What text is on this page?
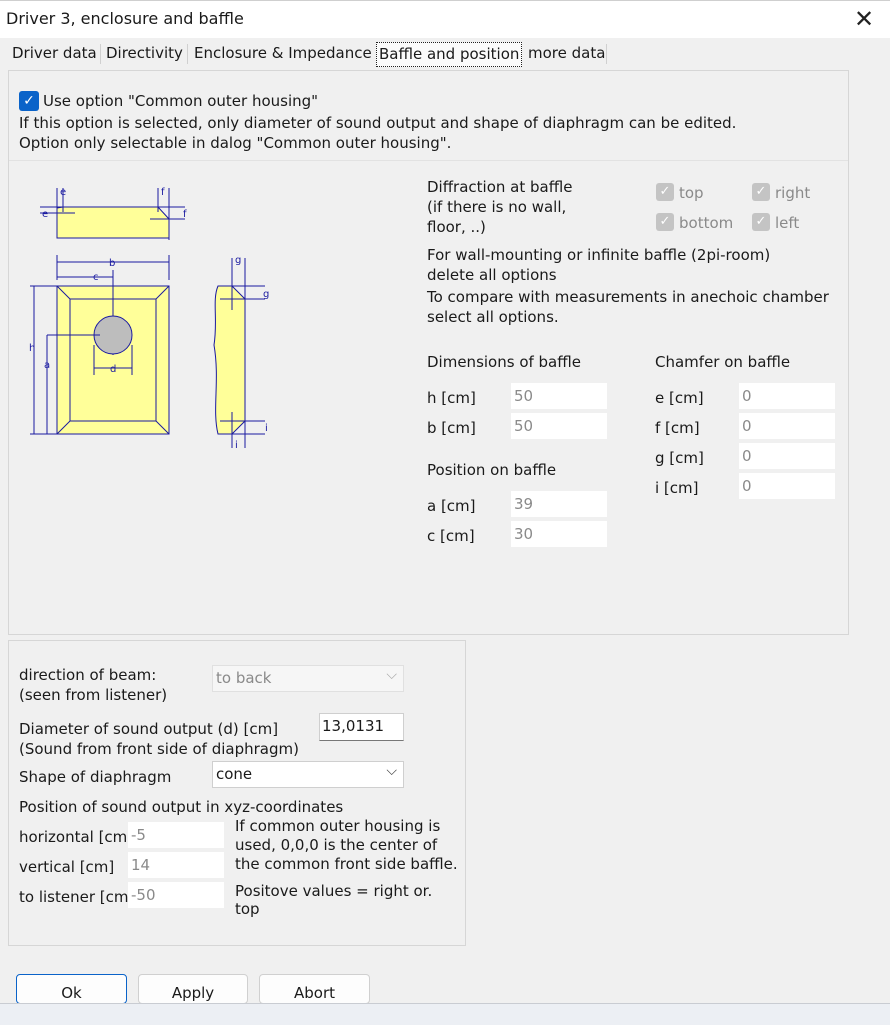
Driver 3, enclosure and baffle	✕
Driver data Directivity Enclosure & Impedance Baffle and position more data
✓ Use option "Common outer housing"
If this option is selected, only diameter of sound output and shape of diaphragm can be edited.
Option only selectable in dalog "Common outer housing".
e
e
f
f
b
c
d
h
a
g
g
i
i
Diffraction at baffle
(if there is no wall,
floor, ..)
✓ top	✓ right
✓ bottom ✓ left
For wall-mounting or infinite baffle (2pi-room)
delete all options
To compare with measurements in anechoic chamber
select all options.
Dimensions of baffle
h [cm]	50
b [cm]	50
Position on baffle
a [cm]	39
c [cm]	30
Chamfer on baffle
e [cm]	0
f [cm]	0
g [cm]	0
i [cm]	0
direction of beam:
(seen from listener)
to back	⌵
Diameter of sound output (d) [cm]
(Sound from front side of diaphragm)
13,0131
Shape of diaphragm	cone	⌵
Position of sound output in xyz-coordinates
horizontal [cm -5
vertical [cm] 14
to listener [cm -50
If common outer housing is
used, 0,0,0 is the center of
the common front side baffle.
Positove values = right or.
top
Ok	Apply	Abort
